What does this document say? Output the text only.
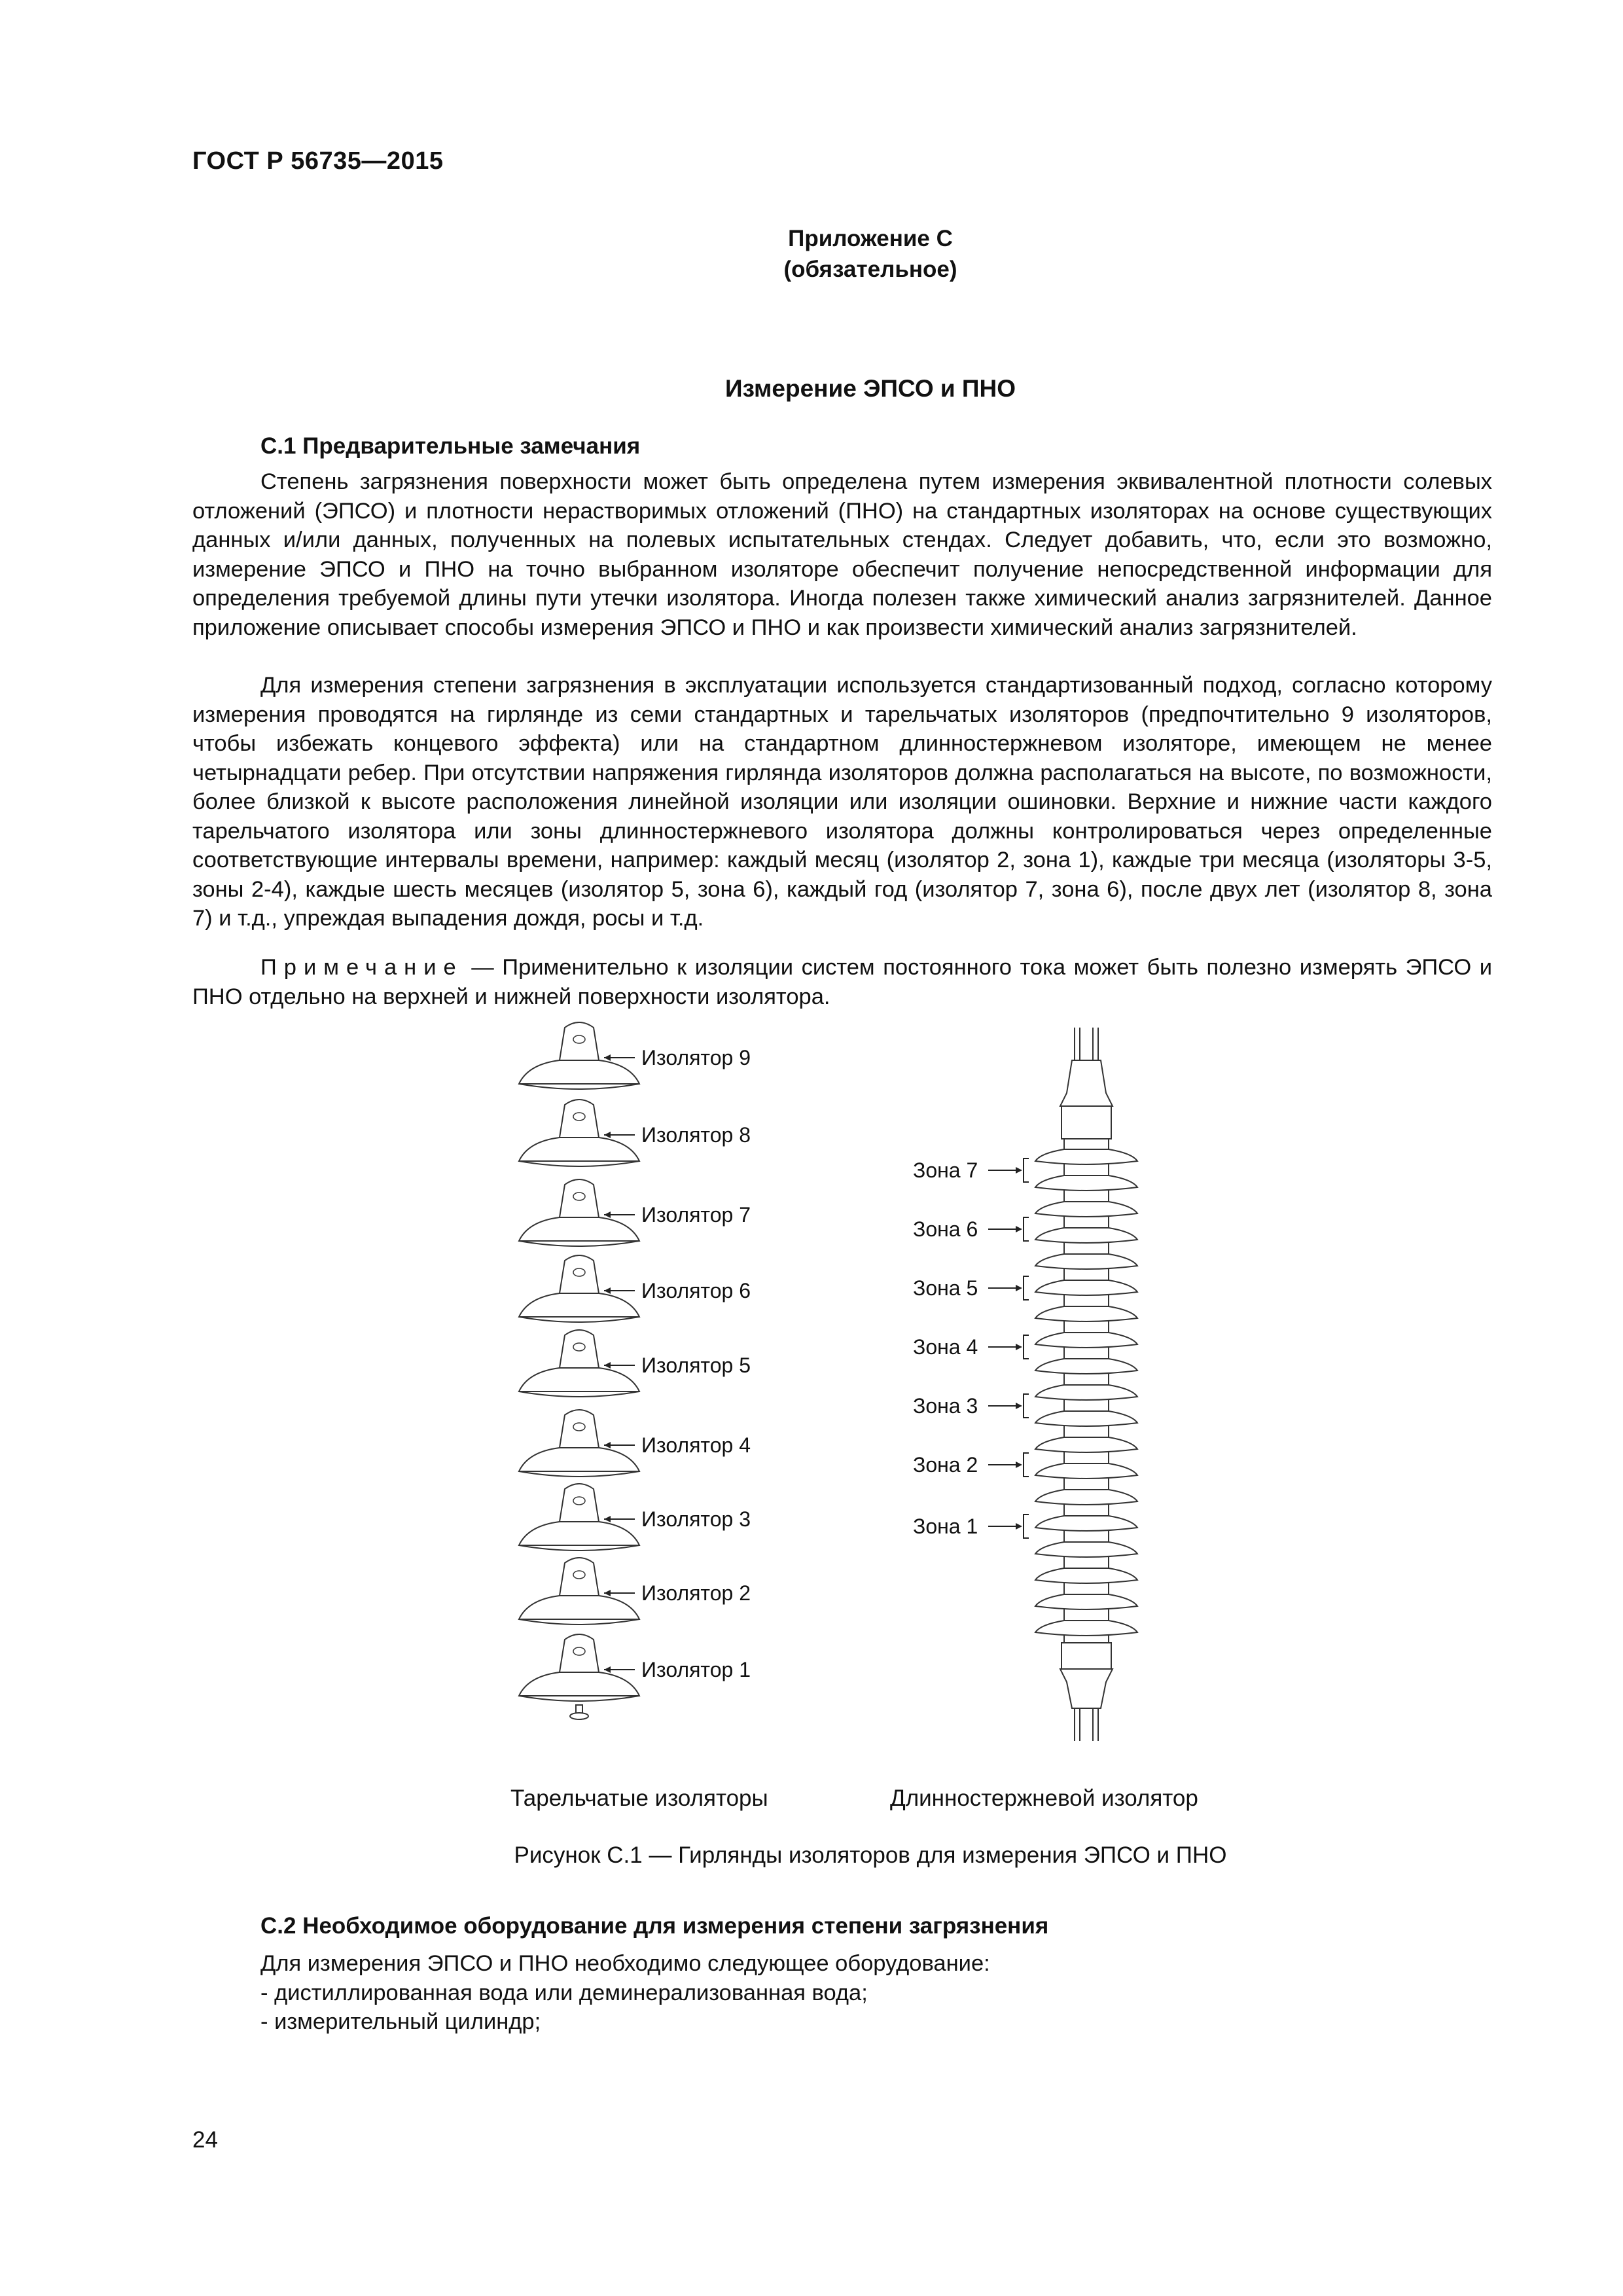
ГОСТ Р 56735—2015
Приложение С
(обязательное)
Измерение ЭПСО и ПНО
С.1 Предварительные замечания

Степень загрязнения поверхности может быть определена путем измерения эквивалентной плотности солевых отложений (ЭПСО) и плотности нерастворимых отложений (ПНО) на стандартных изоляторах на основе существующих данных и/или данных, полученных на полевых испытательных стендах. Следует добавить, что, если это возможно, измерение ЭПСО и ПНО на точно выбранном изоляторе обеспечит получение непосредственной информации для определения требуемой длины пути утечки изолятора. Иногда полезен также химический анализ загрязнителей. Данное приложение описывает способы измерения ЭПСО и ПНО и как произвести химический анализ загрязнителей.

Для измерения степени загрязнения в эксплуатации используется стандартизованный подход, согласно которому измерения проводятся на гирлянде из семи стандартных и тарельчатых изоляторов (предпочтительно 9 изоляторов, чтобы избежать концевого эффекта) или на стандартном длинностержневом изоляторе, имеющем не менее четырнадцати ребер. При отсутствии напряжения гирлянда изоляторов должна располагаться на высоте, по возможности, более близкой к высоте расположения линейной изоляции или изоляции ошиновки. Верхние и нижние части каждого тарельчатого изолятора или зоны длинностержневого изолятора должны контролироваться через определенные соответствующие интервалы времени, например: каждый месяц (изолятор 2, зона 1), каждые три месяца (изоляторы 3-5, зоны 2-4), каждые шесть месяцев (изолятор 5, зона 6), каждый год (изолятор 7, зона 6), после двух лет (изолятор 8, зона 7) и т.д., упреждая выпадения дождя, росы и т.д.

Примечание — Применительно к изоляции систем постоянного тока может быть полезно измерять ЭПСО и ПНО отдельно на верхней и нижней поверхности изолятора.

Изолятор 9
Изолятор 8
Изолятор 7
Изолятор 6
Изолятор 5
Изолятор 4
Изолятор 3
Изолятор 2
Изолятор 1
Зона 7
Зона 6
Зона 5
Зона 4
Зона 3
Зона 2
Зона 1
Тарельчатые изоляторы	Длинностержневой изолятор
Рисунок С.1 — Гирлянды изоляторов для измерения ЭПСО и ПНО
С.2 Необходимое оборудование для измерения степени загрязнения
Для измерения ЭПСО и ПНО необходимо следующее оборудование:
- дистиллированная вода или деминерализованная вода;
- измерительный цилиндр;
24
